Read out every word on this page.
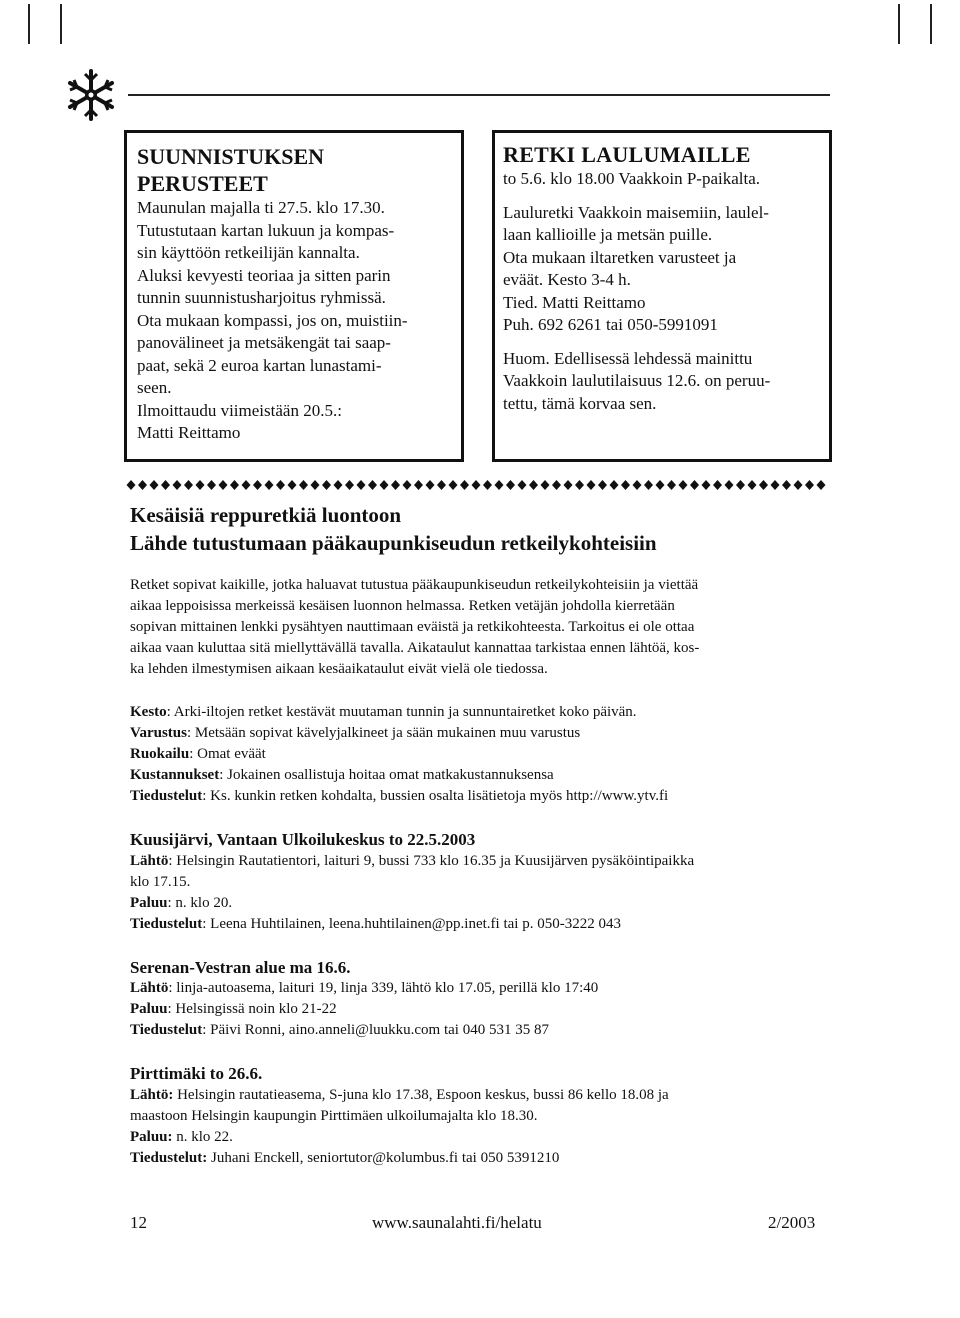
SUUNNISTUKSEN
PERUSTEET
Maunulan majalla ti 27.5. klo 17.30.
Tutustutaan kartan lukuun ja kompas-
sin käyttöön retkeilijän kannalta.
Aluksi kevyesti teoriaa ja sitten parin
tunnin suunnistusharjoitus ryhmissä.
Ota mukaan kompassi, jos on, muistiin-
panovälineet ja metsäkengät tai saap-
paat, sekä 2 euroa kartan lunastami-
seen.
Ilmoittaudu viimeistään 20.5.:
Matti Reittamo
RETKI LAULUMAILLE
to 5.6. klo 18.00 Vaakkoin P-paikalta.
Lauluretki Vaakkoin maisemiin, laulel-
laan kallioille ja metsän puille.
Ota mukaan iltaretken varusteet ja
eväät. Kesto 3-4 h.
Tied. Matti Reittamo
Puh. 692 6261 tai 050-5991091
Huom. Edellisessä lehdessä mainittu
Vaakkoin laulutilaisuus 12.6. on peruu-
tettu, tämä korvaa sen.
Kesäisiä reppuretkiä luontoon
Lähde tutustumaan pääkaupunkiseudun retkeilykohteisiin
Retket sopivat kaikille, jotka haluavat tutustua pääkaupunkiseudun retkeilykohteisiin ja viettää
aikaa leppoisissa merkeissä kesäisen luonnon helmassa. Retken vetäjän johdolla kierretään
sopivan mittainen lenkki pysähtyen nauttimaan eväistä ja retkikohteesta. Tarkoitus ei ole ottaa
aikaa vaan kuluttaa sitä miellyttävällä tavalla. Aikataulut kannattaa tarkistaa ennen lähtöä, kos-
ka lehden ilmestymisen aikaan kesäaikataulut eivät vielä ole tiedossa.
Kesto: Arki-iltojen retket kestävät muutaman tunnin ja sunnuntairetket koko päivän.
Varustus: Metsään sopivat kävelyjalkineet ja sään mukainen muu varustus
Ruokailu: Omat eväät
Kustannukset: Jokainen osallistuja hoitaa omat matkakustannuksensa
Tiedustelut: Ks. kunkin retken kohdalta, bussien osalta lisätietoja myös http://www.ytv.fi
Kuusijärvi, Vantaan Ulkoilukeskus to 22.5.2003
Lähtö: Helsingin Rautatientori, laituri 9, bussi 733 klo 16.35 ja Kuusijärven pysäköintipaikka
klo 17.15.
Paluu: n. klo 20.
Tiedustelut: Leena Huhtilainen, leena.huhtilainen@pp.inet.fi tai p. 050-3222 043
Serenan-Vestran alue ma 16.6.
Lähtö: linja-autoasema, laituri 19, linja 339, lähtö klo 17.05, perillä klo 17:40
Paluu: Helsingissä noin klo 21-22
Tiedustelut: Päivi Ronni, aino.anneli@luukku.com tai 040 531 35 87
Pirttimäki to 26.6.
Lähtö: Helsingin rautatieasema, S-juna klo 17.38, Espoon keskus, bussi 86 kello 18.08 ja
maastoon Helsingin kaupungin Pirttimäen ulkoilumajalta klo 18.30.
Paluu: n. klo 22.
Tiedustelut: Juhani Enckell, seniortutor@kolumbus.fi tai 050 5391210
12	www.saunalahti.fi/helatu	2/2003
